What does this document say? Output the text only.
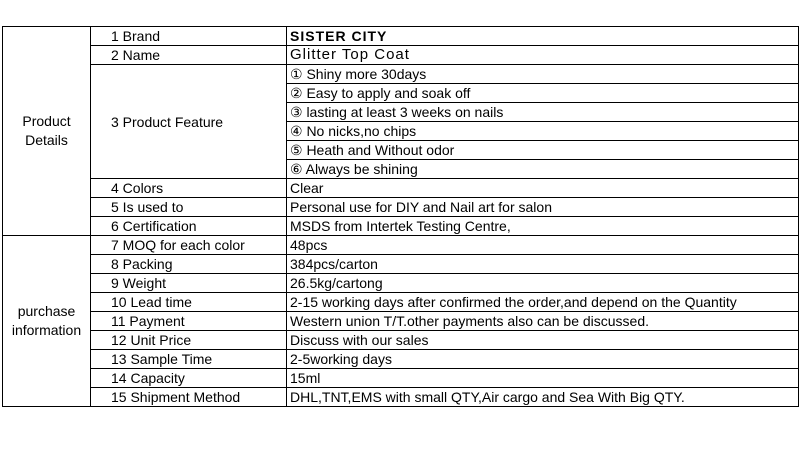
Product Details	1 Brand	SISTER CITY
	2 Name	Glitter Top Coat
	3 Product Feature	① Shiny more 30days
		② Easy to apply and soak off
		③ lasting at least 3 weeks on nails
		④ No nicks,no chips
		⑤ Heath and Without odor
		⑥ Always be shining
	4 Colors	Clear
	5 Is used to	Personal use for DIY and Nail art for salon
	6 Certification	MSDS from Intertek Testing Centre,
purchase information	7 MOQ for each color	48pcs
	8 Packing	384pcs/carton
	9 Weight	26.5kg/cartong
	10 Lead time	2-15 working days after confirmed the order,and depend on the Quantity
	11 Payment	Western union T/T.other payments also can be discussed.
	12 Unit Price	Discuss with our sales
	13 Sample Time	2-5working days
	14 Capacity	15ml
	15 Shipment Method	DHL,TNT,EMS with small QTY,Air cargo and Sea With Big QTY.
